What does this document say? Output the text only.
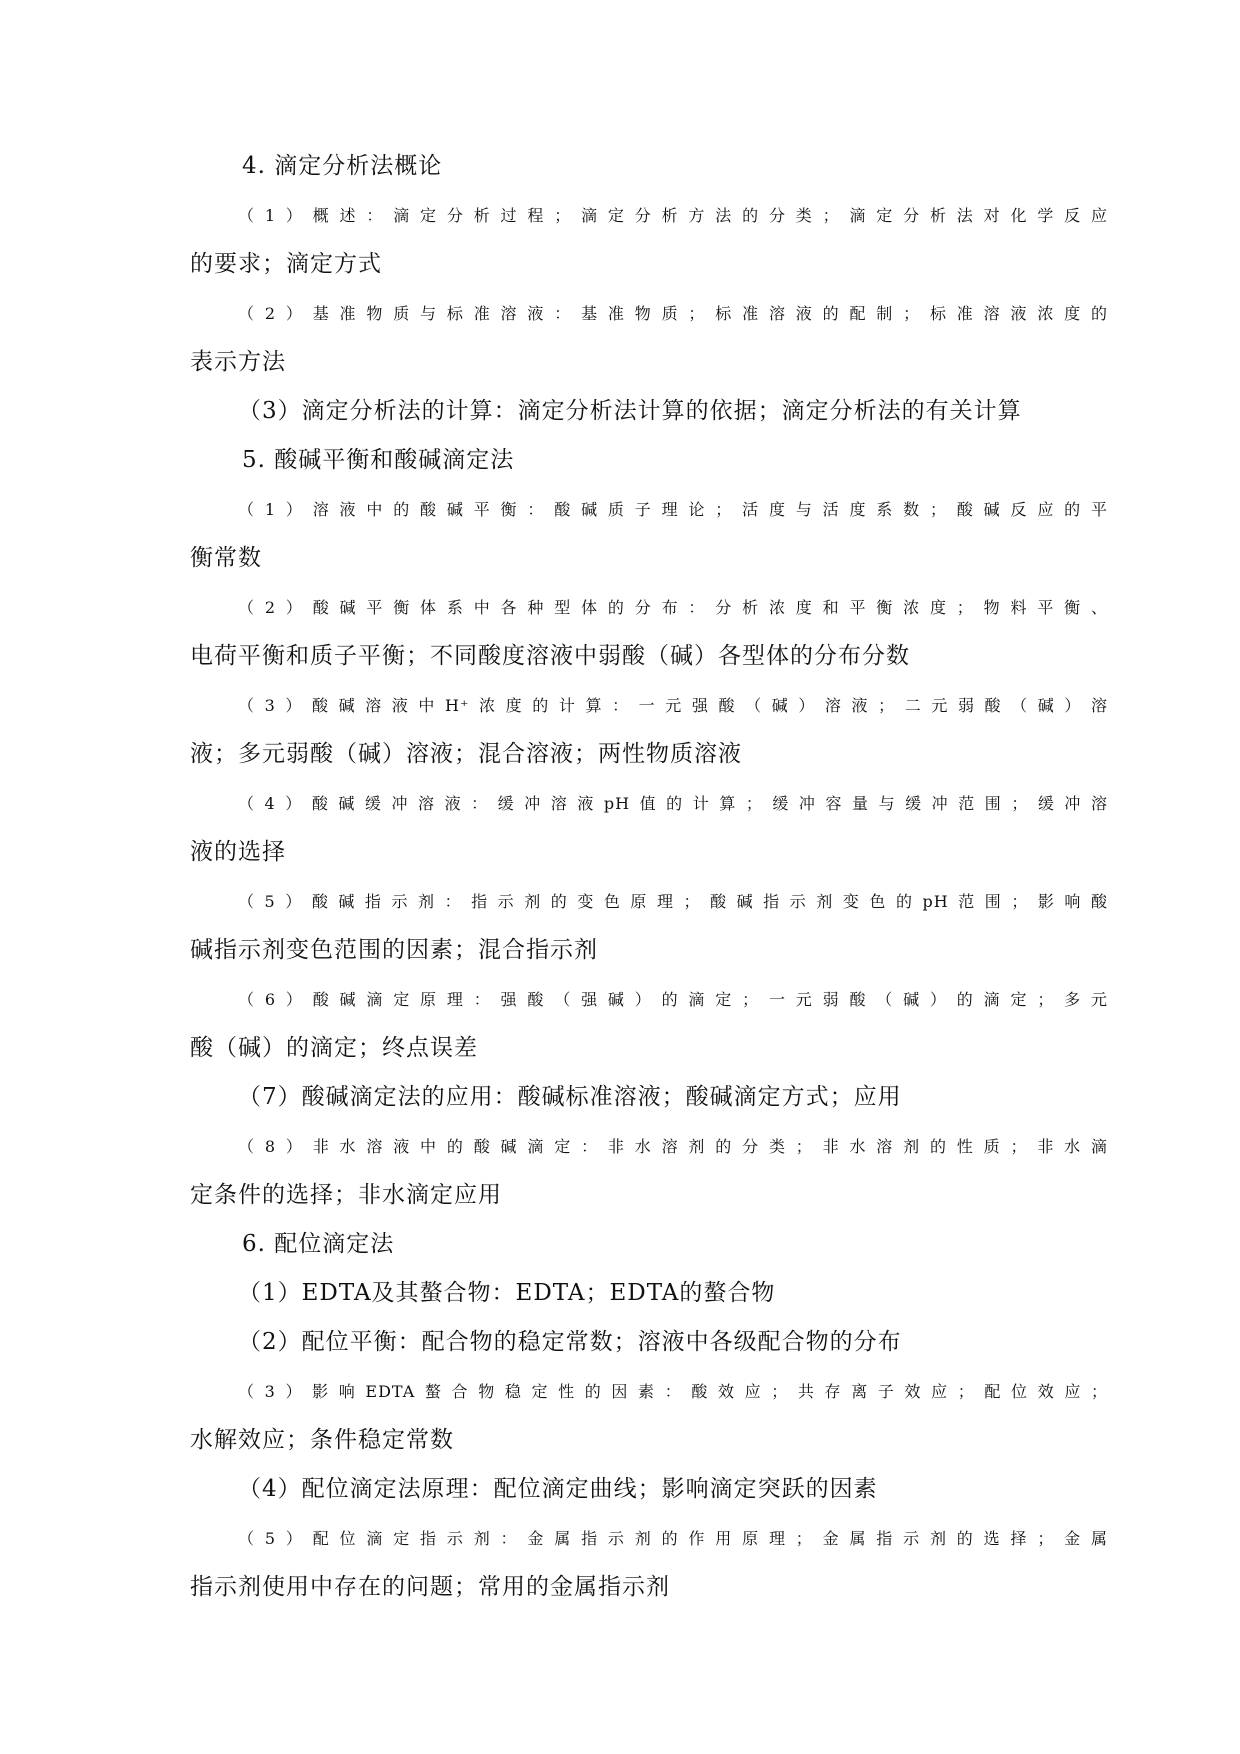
4. 滴定分析法概论
（1）概述：滴定分析过程；滴定分析方法的分类；滴定分析法对化学反应
的要求；滴定方式
（2）基准物质与标准溶液：基准物质；标准溶液的配制；标准溶液浓度的
表示方法
（3）滴定分析法的计算：滴定分析法计算的依据；滴定分析法的有关计算
5. 酸碱平衡和酸碱滴定法
（1）溶液中的酸碱平衡：酸碱质子理论；活度与活度系数；酸碱反应的平
衡常数
（2）酸碱平衡体系中各种型体的分布：分析浓度和平衡浓度；物料平衡、
电荷平衡和质子平衡；不同酸度溶液中弱酸（碱）各型体的分布分数
（3）酸碱溶液中H⁺浓度的计算：一元强酸（碱）溶液；二元弱酸（碱）溶
液；多元弱酸（碱）溶液；混合溶液；两性物质溶液
（4）酸碱缓冲溶液：缓冲溶液pH值的计算；缓冲容量与缓冲范围；缓冲溶
液的选择
（5）酸碱指示剂：指示剂的变色原理；酸碱指示剂变色的pH范围；影响酸
碱指示剂变色范围的因素；混合指示剂
（6）酸碱滴定原理：强酸（强碱）的滴定；一元弱酸（碱）的滴定；多元
酸（碱）的滴定；终点误差
（7）酸碱滴定法的应用：酸碱标准溶液；酸碱滴定方式；应用
（8）非水溶液中的酸碱滴定：非水溶剂的分类；非水溶剂的性质；非水滴
定条件的选择；非水滴定应用
6. 配位滴定法
（1）EDTA及其螯合物：EDTA；EDTA的螯合物
（2）配位平衡：配合物的稳定常数；溶液中各级配合物的分布
（3）影响EDTA螯合物稳定性的因素：酸效应；共存离子效应；配位效应；
水解效应；条件稳定常数
（4）配位滴定法原理：配位滴定曲线；影响滴定突跃的因素
（5）配位滴定指示剂：金属指示剂的作用原理；金属指示剂的选择；金属
指示剂使用中存在的问题；常用的金属指示剂
